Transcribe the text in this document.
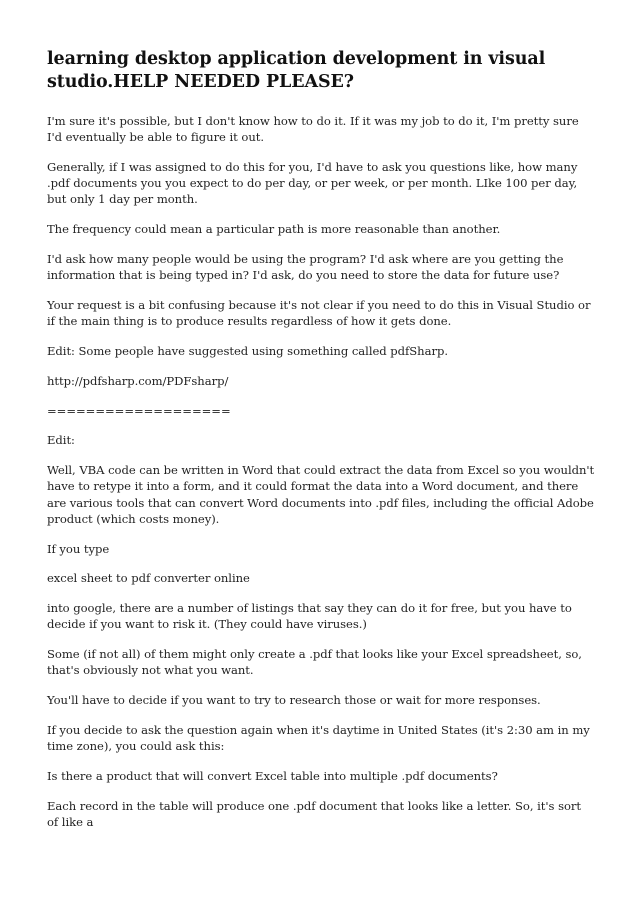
learning desktop application development in visual studio.HELP NEEDED PLEASE?

I'm sure it's possible, but I don't know how to do it. If it was my job to do it, I'm pretty sure I'd eventually be able to figure it out.

Generally, if I was assigned to do this for you, I'd have to ask you questions like, how many .pdf documents you you expect to do per day, or per week, or per month. LIke 100 per day, but only 1 day per month.

The frequency could mean a particular path is more reasonable than another.

I'd ask how many people would be using the program? I'd ask where are you getting the information that is being typed in? I'd ask, do you need to store the data for future use?

Your request is a bit confusing because it's not clear if you need to do this in Visual Studio or if the main thing is to produce results regardless of how it gets done.

Edit: Some people have suggested using something called pdfSharp.

http://pdfsharp.com/PDFsharp/

===================

Edit:

Well, VBA code can be written in Word that could extract the data from Excel so you wouldn't have to retype it into a form, and it could format the data into a Word document, and there are various tools that can convert Word documents into .pdf files, including the official Adobe product (which costs money).

If you type

excel sheet to pdf converter online

into google, there are a number of listings that say they can do it for free, but you have to decide if you want to risk it. (They could have viruses.)

Some (if not all) of them might only create a .pdf that looks like your Excel spreadsheet, so, that's obviously not what you want.

You'll have to decide if you want to try to research those or wait for more responses.

If you decide to ask the question again when it's daytime in United States (it's 2:30 am in my time zone), you could ask this:

Is there a product that will convert Excel table into multiple .pdf documents?

Each record in the table will produce one .pdf document that looks like a letter. So, it's sort of like a
